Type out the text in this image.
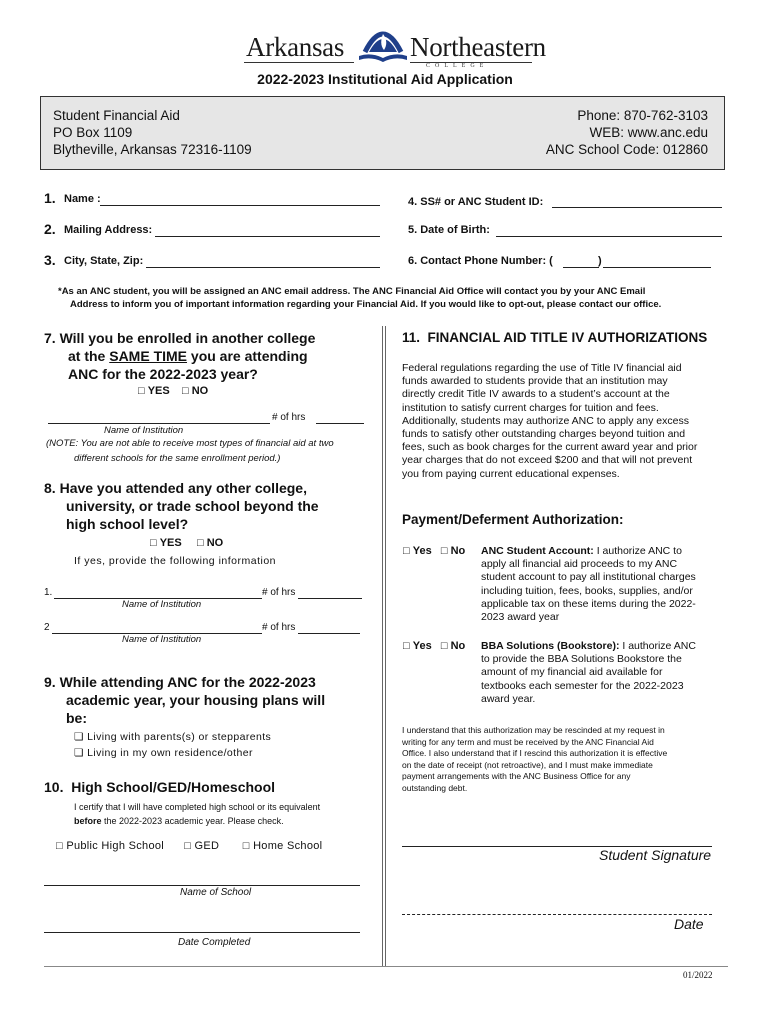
Arkansas Northeastern
COLLEGE
2022-2023 Institutional Aid Application
Student Financial Aid
PO Box 1109
Blytheville, Arkansas 72316-1109
Phone: 870-762-3103
WEB: www.anc.edu
ANC School Code: 012860
1. Name :
2. Mailing Address:
3. City, State, Zip:
4. SS# or ANC Student ID:
5. Date of Birth:
6. Contact Phone Number: (	)
*As an ANC student, you will be assigned an ANC email address. The ANC Financial Aid Office will contact you by your ANC Email
Address to inform you of important information regarding your Financial Aid. If you would like to opt-out, please contact our office.
7. Will you be enrolled in another college
at the SAME TIME you are attending
ANC for the 2022-2023 year?
□ YES □ NO
# of hrs
Name of Institution
(NOTE: You are not able to receive most types of financial aid at two
different schools for the same enrollment period.)
8. Have you attended any other college,
university, or trade school beyond the
high school level?
□ YES □ NO
If yes, provide the following information
1.	# of hrs
Name of Institution
2	# of hrs
Name of Institution
9. While attending ANC for the 2022-2023
academic year, your housing plans will
be:
❏ Living with parents(s) or stepparents
❏ Living in my own residence/other
10. High School/GED/Homeschool
I certify that I will have completed high school or its equivalent
before the 2022-2023 academic year. Please check.
□ Public High School □ GED □ Home School
Name of School
Date Completed
11. FINANCIAL AID TITLE IV AUTHORIZATIONS
Federal regulations regarding the use of Title IV financial aid
funds awarded to students provide that an institution may
directly credit Title IV awards to a student’s account at the
institution to satisfy current charges for tuition and fees.
Additionally, students may authorize ANC to apply any excess
funds to satisfy other outstanding charges beyond tuition and
fees, such as book charges for the current award year and prior
year charges that do not exceed $200 and that will not prevent
you from paying current educational expenses.
Payment/Deferment Authorization:
□ Yes □ No ANC Student Account: I authorize ANC to
apply all financial aid proceeds to my ANC
student account to pay all institutional charges
including tuition, fees, books, supplies, and/or
applicable tax on these items during the 2022-
2023 award year
□ Yes □ No BBA Solutions (Bookstore): I authorize ANC
to provide the BBA Solutions Bookstore the
amount of my financial aid available for
textbooks each semester for the 2022-2023
award year.
I understand that this authorization may be rescinded at my request in
writing for any term and must be received by the ANC Financial Aid
Office. I also understand that if I rescind this authorization it is effective
on the date of receipt (not retroactive), and I must make immediate
payment arrangements with the ANC Business Office for any
outstanding debt.
Student Signature
Date
01/2022
